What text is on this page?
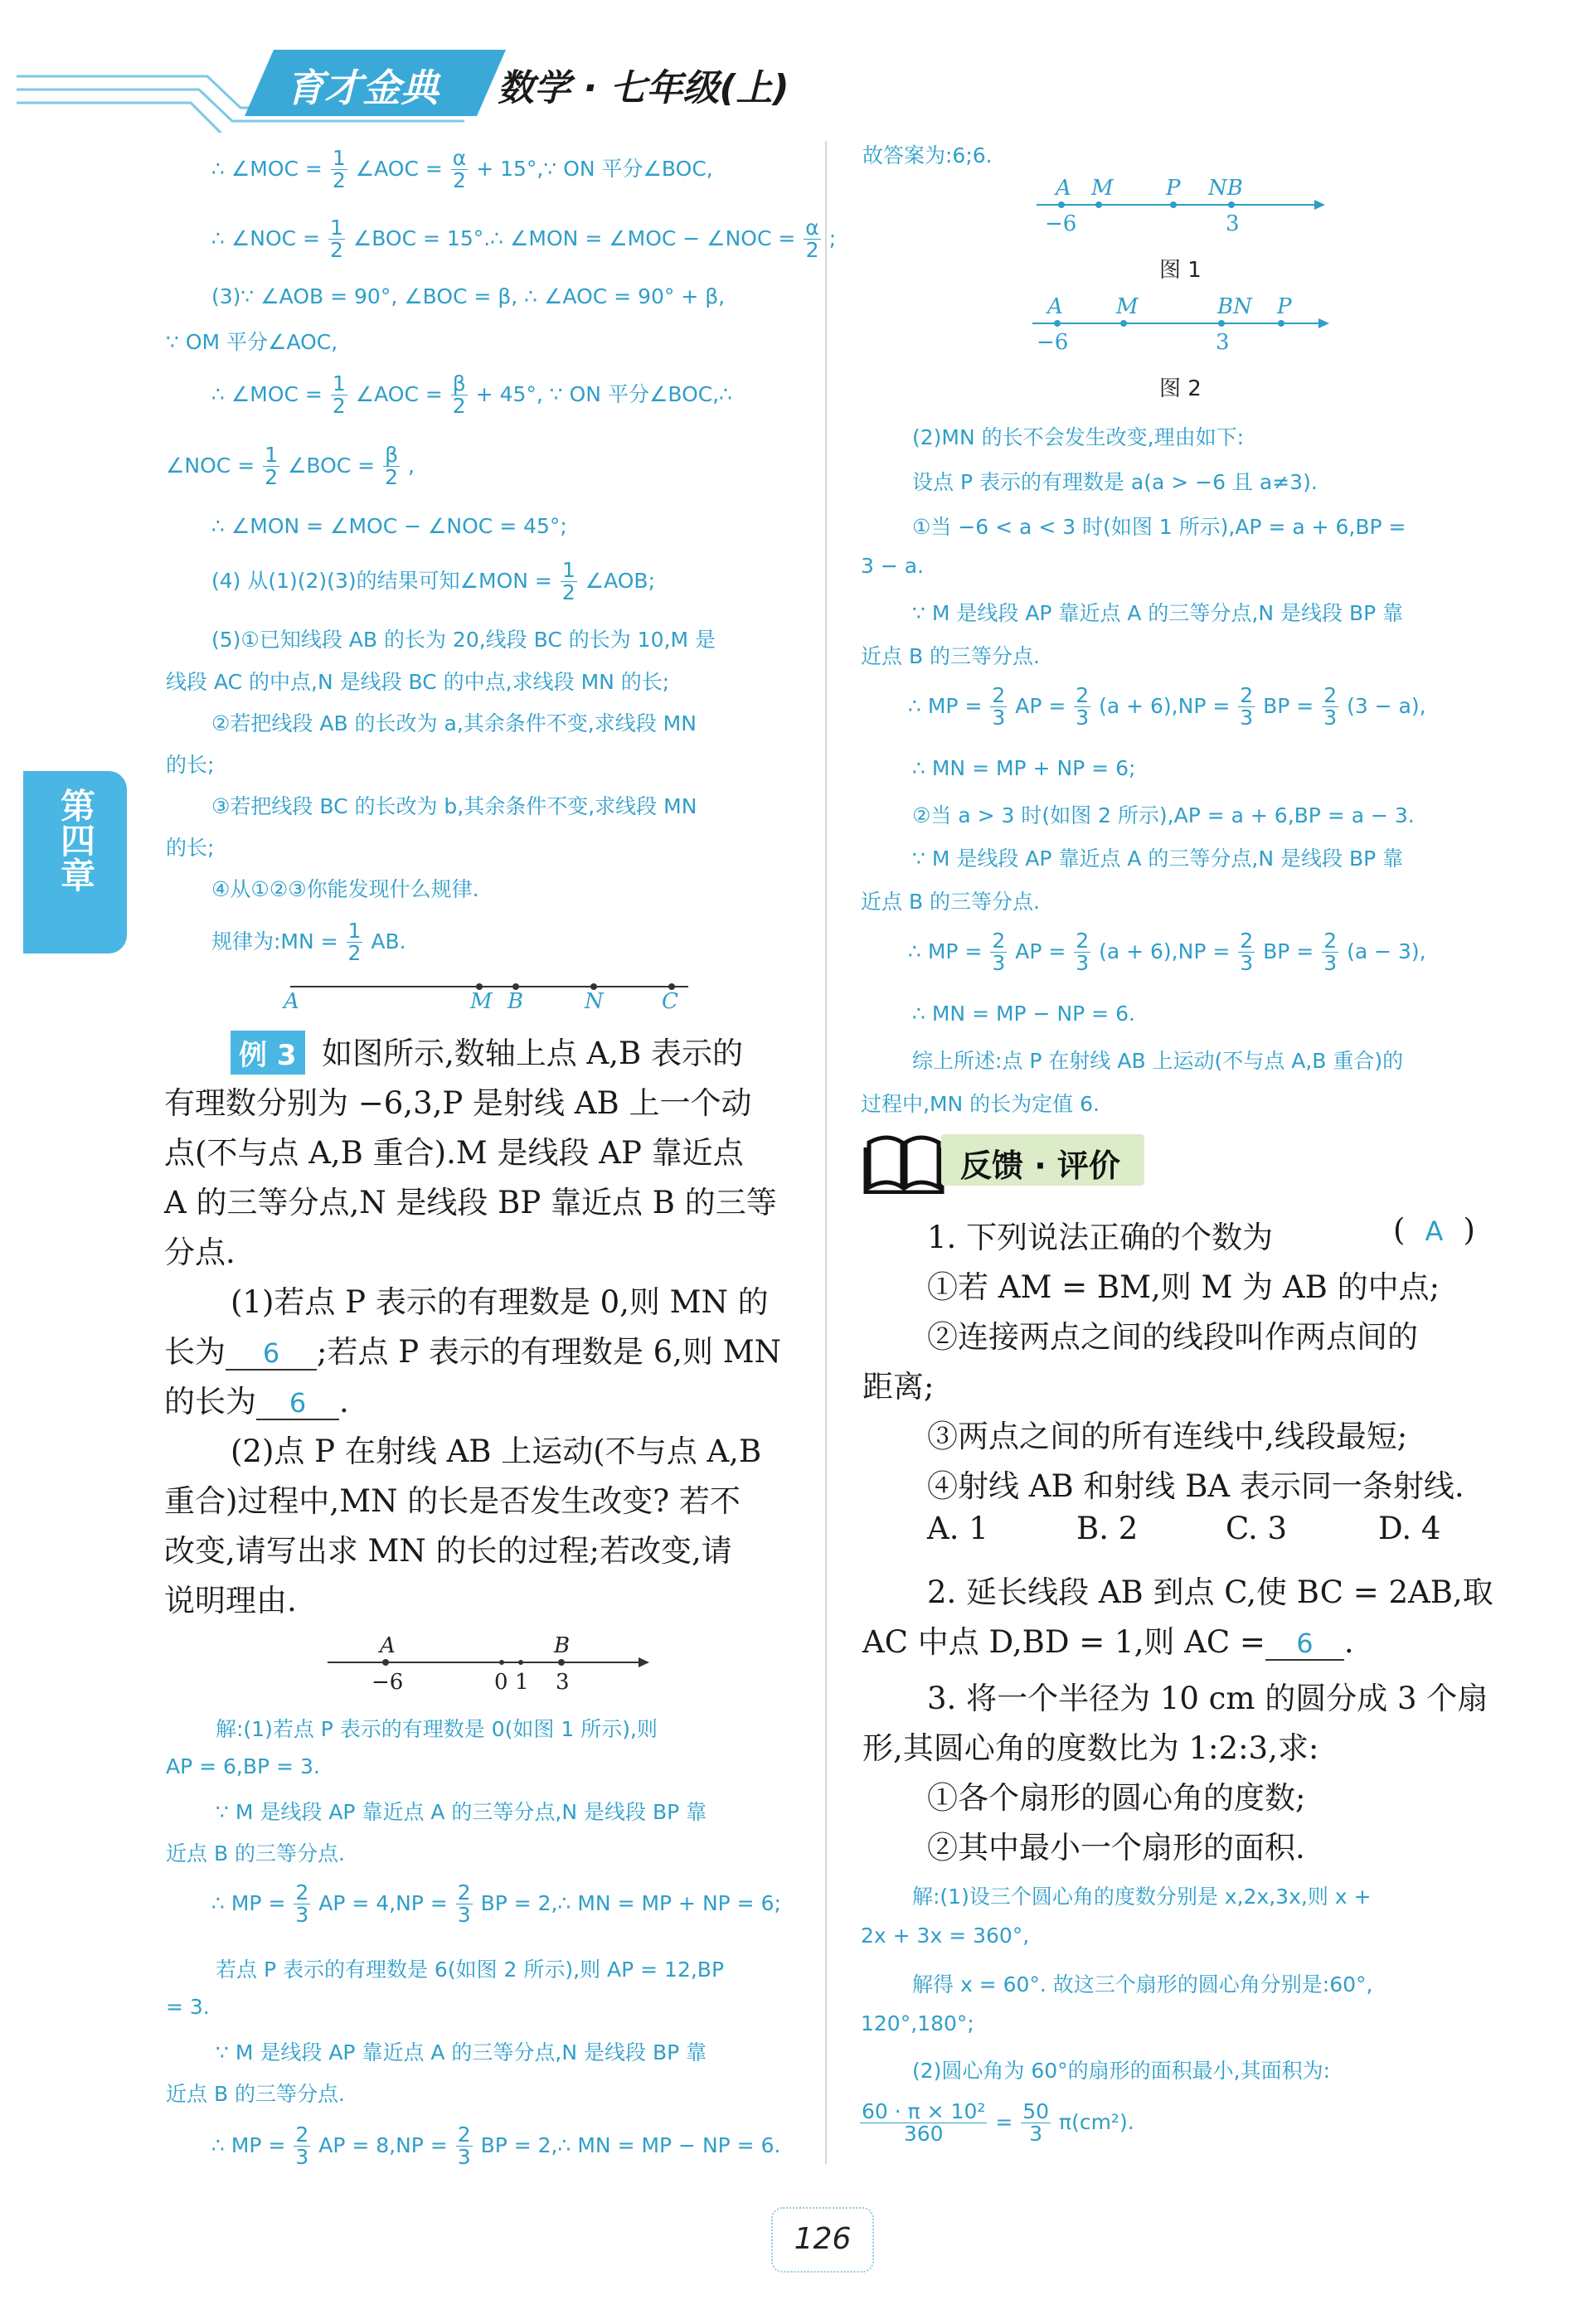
育才金典 数学 · 七年级(上)
第四章
∴ ∠MOC = $\frac{1}{2}$ ∠AOC = $\frac{\alpha}{2}$ + 15°,∵ ON 平分∠BOC,
∴ ∠NOC = $\frac{1}{2}$ ∠BOC = 15°.∴ ∠MON = ∠MOC − ∠NOC = $\frac{\alpha}{2}$ ;
(3)∵ ∠AOB = 90°, ∠BOC = β, ∴ ∠AOC = 90° + β,
∵ OM 平分∠AOC,
∴ ∠MOC = $\frac{1}{2}$ ∠AOC = $\frac{\beta}{2} + 45^\circ$, ∵ ON 平分∠BOC,∴
∠NOC = $\frac{1}{2}$ ∠BOC = $\frac{\beta}{2}$ ,
∴ ∠MON = ∠MOC − ∠NOC = 45°;
(4) 从(1)(2)(3)的结果可知∠MON = $\frac{1}{2}$ ∠AOB;
(5)①已知线段 AB 的长为 20,线段 BC 的长为 10,M 是
线段 AC 的中点,N 是线段 BC 的中点,求线段 MN 的长;
②若把线段 AB 的长改为 a,其余条件不变,求线段 MN
的长;
③若把线段 BC 的长改为 b,其余条件不变,求线段 MN
的长;
④从①②③你能发现什么规律.
规律为:MN = $\frac{1}{2}$ AB.
A	M B	N	C
例 3 如图所示,数轴上点 A,B 表示的
有理数分别为 −6,3,P 是射线 AB 上一个动
点(不与点 A,B 重合).M 是线段 AP 靠近点
A 的三等分点,N 是线段 BP 靠近点 B 的三等
分点.
(1)若点 P 表示的有理数是 0,则 MN 的
长为 6 ;若点 P 表示的有理数是 6,则 MN
的长为 6 .
(2)点 P 在射线 AB 上运动(不与点 A,B
重合)过程中,MN 的长是否发生改变? 若不
改变,请写出求 MN 的长的过程;若改变,请
说明理由.
A	B
−6	0 1 3
解:(1)若点 P 表示的有理数是 0(如图 1 所示),则
AP = 6,BP = 3.
∵ M 是线段 AP 靠近点 A 的三等分点,N 是线段 BP 靠
近点 B 的三等分点.
∴ MP = $\frac{2}{3}$ AP = $4,NP = \frac{2}{3}$ BP = 2,∴ MN = MP + NP = 6;
若点 P 表示的有理数是 6(如图 2 所示),则 AP = 12,BP
= 3.
∵ M 是线段 AP 靠近点 A 的三等分点,N 是线段 BP 靠
近点 B 的三等分点.
∴ MP = $\frac{2}{3}$ AP = $8,NP = \frac{2}{3}$ BP = 2,∴ MN = MP − NP = 6.
故答案为:6;6.
A M P NB
−6	3
图 1
A M	BN P
−6	3
图 2
(2)MN 的长不会发生改变,理由如下:
设点 P 表示的有理数是 a(a > −6 且 a≠3).
①当 −6 < a < 3 时(如图 1 所示),AP = a + 6,BP =
3 − a.
∵ M 是线段 AP 靠近点 A 的三等分点,N 是线段 BP 靠
近点 B 的三等分点.
∴ MP = $\frac{2}{3}$ AP = $\frac{2}{3} (a + 6),NP = \frac{2}{3}$ BP = $\frac{2}{3} (3 - a)$,
∴ MN = MP + NP = 6;
②当 a > 3 时(如图 2 所示),AP = a + 6,BP = a − 3.
∵ M 是线段 AP 靠近点 A 的三等分点,N 是线段 BP 靠
近点 B 的三等分点.
∴ MP = $\frac{2}{3}$ AP = $\frac{2}{3} (a + 6),NP = \frac{2}{3}$ BP = $\frac{2}{3} (a - 3)$,
∴ MN = MP − NP = 6.
综上所述:点 P 在射线 AB 上运动(不与点 A,B 重合)的
过程中,MN 的长为定值 6.
反馈 · 评价
1. 下列说法正确的个数为	( A )
①若 AM = BM,则 M 为 AB 的中点;
②连接两点之间的线段叫作两点间的
距离;
③两点之间的所有连线中,线段最短;
④射线 AB 和射线 BA 表示同一条射线.
A. 1	B. 2	C. 3	D. 4
2. 延长线段 AB 到点 C,使 BC = 2AB,取
AC 中点 D,BD = 1,则 AC = 6 .
3. 将一个半径为 10 cm 的圆分成 3 个扇
形,其圆心角的度数比为 1:2:3,求:
①各个扇形的圆心角的度数;
②其中最小一个扇形的面积.
解:(1)设三个圆心角的度数分别是 x,2x,3x,则 x +
2x + 3x = 360°,
解得 x = 60°. 故这三个扇形的圆心角分别是:60°,
120°,180°;
(2)圆心角为 60°的扇形的面积最小,其面积为:
$\frac{\text{60 · π × 10²}}{360} = \frac{50}{3} \pi(cm^2)$.
126
